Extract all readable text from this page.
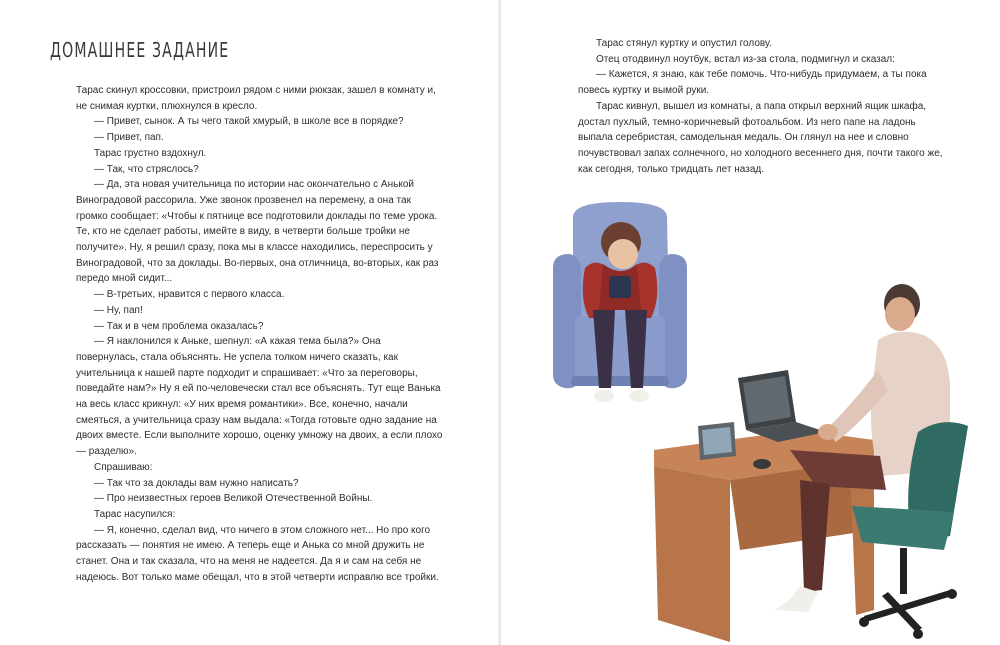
ДОМАШНЕЕ ЗАДАНИЕ

Тарас скинул кроссовки, пристроил рядом с ними рюкзак, зашел в комнату и, не снимая куртки, плюхнулся в кресло.

— Привет, сынок. А ты чего такой хмурый, в школе все в порядке?

— Привет, пап.

Тарас грустно вздохнул.

— Так, что стряслось?

— Да, эта новая учительница по истории нас окончательно с Анькой Виноградовой рассорила. Уже звонок прозвенел на перемену, а она так громко сообщает: «Чтобы к пятнице все подготовили доклады по теме урока. Те, кто не сделает работы, имейте в виду, в четверти больше тройки не получите». Ну, я решил сразу, пока мы в классе находились, переспросить у Виноградовой, что за доклады. Во-первых, она отличница, во-вторых, как раз передо мной сидит...

— В-третьих, нравится с первого класса.

— Ну, пап!

— Так и в чем проблема оказалась?

— Я наклонился к Аньке, шепнул: «А какая тема была?» Она повернулась, стала объяснять. Не успела толком ничего сказать, как учительница к нашей парте подходит и спрашивает: «Что за переговоры, поведайте нам?» Ну я ей по-человечески стал все объяснять. Тут еще Ванька на весь класс крикнул: «У них время романтики». Все, конечно, начали смеяться, а учительница сразу нам выдала: «Тогда готовьте одно задание на двоих вместе. Если выполните хорошо, оценку умножу на двоих, а если плохо — разделю».

Спрашиваю:

— Так что за доклады вам нужно написать?

— Про неизвестных героев Великой Отечественной Войны.

Тарас насупился:

— Я, конечно, сделал вид, что ничего в этом сложного нет... Но про кого рассказать — понятия не имею. А теперь еще и Анька со мной дружить не станет. Она и так сказала, что на меня не надеется. Да я и сам на себя не надеюсь. Вот только маме обещал, что в этой четверти исправлю все тройки.

Тарас стянул куртку и опустил голову.

Отец отодвинул ноутбук, встал из-за стола, подмигнул и сказал:

— Кажется, я знаю, как тебе помочь. Что-нибудь придумаем, а ты пока повесь куртку и вымой руки.

Тарас кивнул, вышел из комнаты, а папа открыл верхний ящик шкафа, достал пухлый, темно-коричневый фотоальбом. Из него папе на ладонь выпала серебристая, самодельная медаль. Он глянул на нее и словно почувствовал запах солнечного, но холодного весеннего дня, почти такого же, как сегодня, только тридцать лет назад.
